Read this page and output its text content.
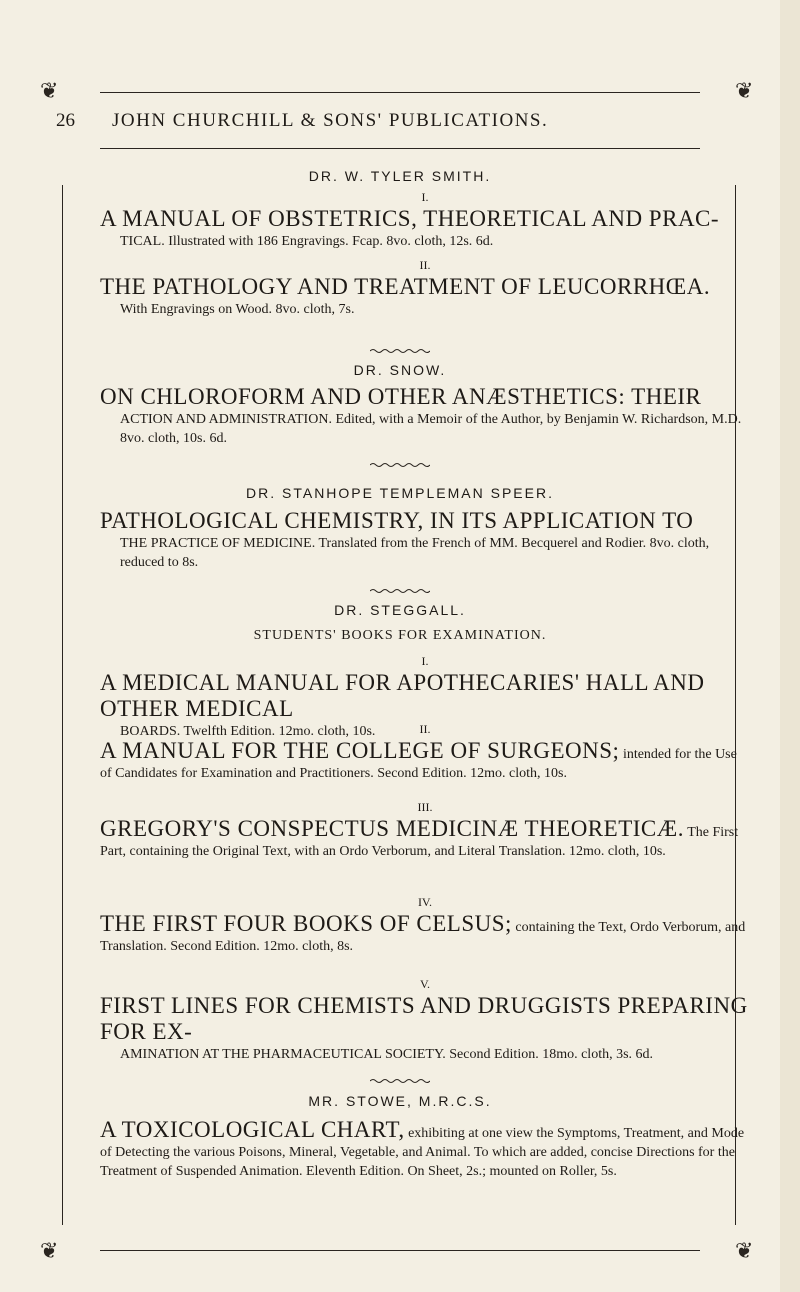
❦	❦
❦	❦
26 JOHN CHURCHILL & SONS' PUBLICATIONS.
DR. W. TYLER SMITH.
I.
A MANUAL OF OBSTETRICS, THEORETICAL AND PRAC-
TICAL. Illustrated with 186 Engravings. Fcap. 8vo. cloth, 12s. 6d.
II.
THE PATHOLOGY AND TREATMENT OF LEUCORRHŒA.
With Engravings on Wood. 8vo. cloth, 7s.
DR. SNOW.
ON CHLOROFORM AND OTHER ANÆSTHETICS: THEIR
ACTION AND ADMINISTRATION. Edited, with a Memoir of the Author, by Benjamin W. Richardson, M.D. 8vo. cloth, 10s. 6d.
DR. STANHOPE TEMPLEMAN SPEER.
PATHOLOGICAL CHEMISTRY, IN ITS APPLICATION TO
THE PRACTICE OF MEDICINE. Translated from the French of MM. Becquerel and Rodier. 8vo. cloth, reduced to 8s.
DR. STEGGALL.
STUDENTS' BOOKS FOR EXAMINATION.
I.
A MEDICAL MANUAL FOR APOTHECARIES' HALL AND OTHER MEDICAL
BOARDS. Twelfth Edition. 12mo. cloth, 10s.	II.
A MANUAL FOR THE COLLEGE OF SURGEONS; intended for the Use of Candidates for Examination and Practitioners. Second Edition. 12mo. cloth, 10s.
III.
GREGORY'S CONSPECTUS MEDICINÆ THEORETICÆ. The First Part, containing the Original Text, with an Ordo Verborum, and Literal Translation. 12mo. cloth, 10s.
IV.
THE FIRST FOUR BOOKS OF CELSUS; containing the Text, Ordo Verborum, and Translation. Second Edition. 12mo. cloth, 8s.
V.
FIRST LINES FOR CHEMISTS AND DRUGGISTS PREPARING FOR EX-
AMINATION AT THE PHARMACEUTICAL SOCIETY. Second Edition. 18mo. cloth, 3s. 6d.
MR. STOWE, M.R.C.S.
A TOXICOLOGICAL CHART, exhibiting at one view the Symptoms, Treatment, and Mode of Detecting the various Poisons, Mineral, Vegetable, and Animal. To which are added, concise Directions for the Treatment of Suspended Animation. Eleventh Edition. On Sheet, 2s.; mounted on Roller, 5s.
